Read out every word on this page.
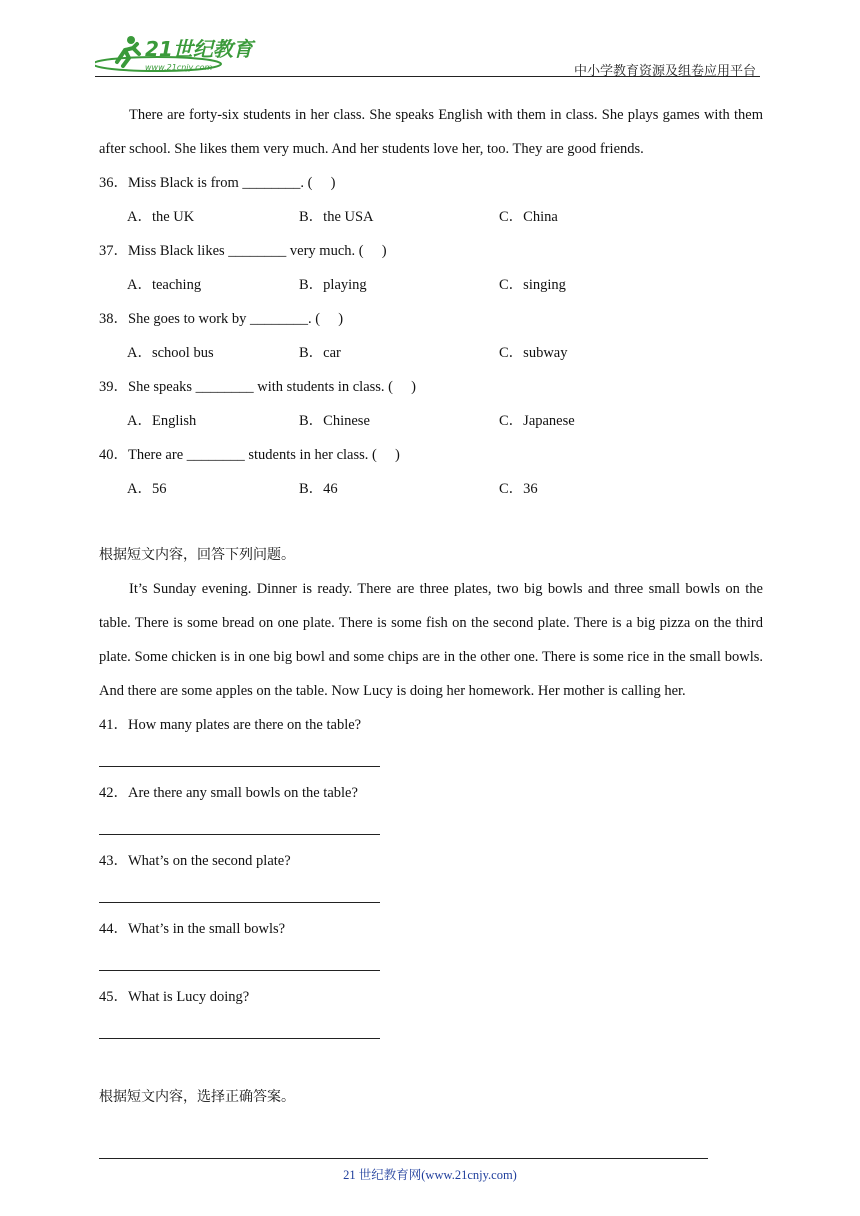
21世纪教育
www.21cnjy.com	中小学教育资源及组卷应用平台

There are forty-six students in her class. She speaks English with them in class. She plays games with them after school. She likes them very much. And her students love her, too. They are good friends.

36．Miss Black is from ________. (　 )

A．the UK	B．the USA	C．China

37．Miss Black likes ________ very much. (　 )

A．teaching	B．playing	C．singing

38．She goes to work by ________. (　 )

A．school bus	B．car	C．subway

39．She speaks ________ with students in class. (　 )

A．English	B．Chinese	C．Japanese

40．There are ________ students in her class. (　 )

A．56	B．46	C．36

根据短文内容，回答下列问题。

It’s Sunday evening. Dinner is ready. There are three plates, two big bowls and three small bowls on the table. There is some bread on one plate. There is some fish on the second plate. There is a big pizza on the third plate. Some chicken is in one big bowl and some chips are in the other one. There is some rice in the small bowls. And there are some apples on the table. Now Lucy is doing her homework. Her mother is calling her.

41．How many plates are there on the table?

42．Are there any small bowls on the table?

43．What’s on the second plate?

44．What’s in the small bowls?

45．What is Lucy doing?

根据短文内容，选择正确答案。

21 世纪教育网(www.21cnjy.com)
